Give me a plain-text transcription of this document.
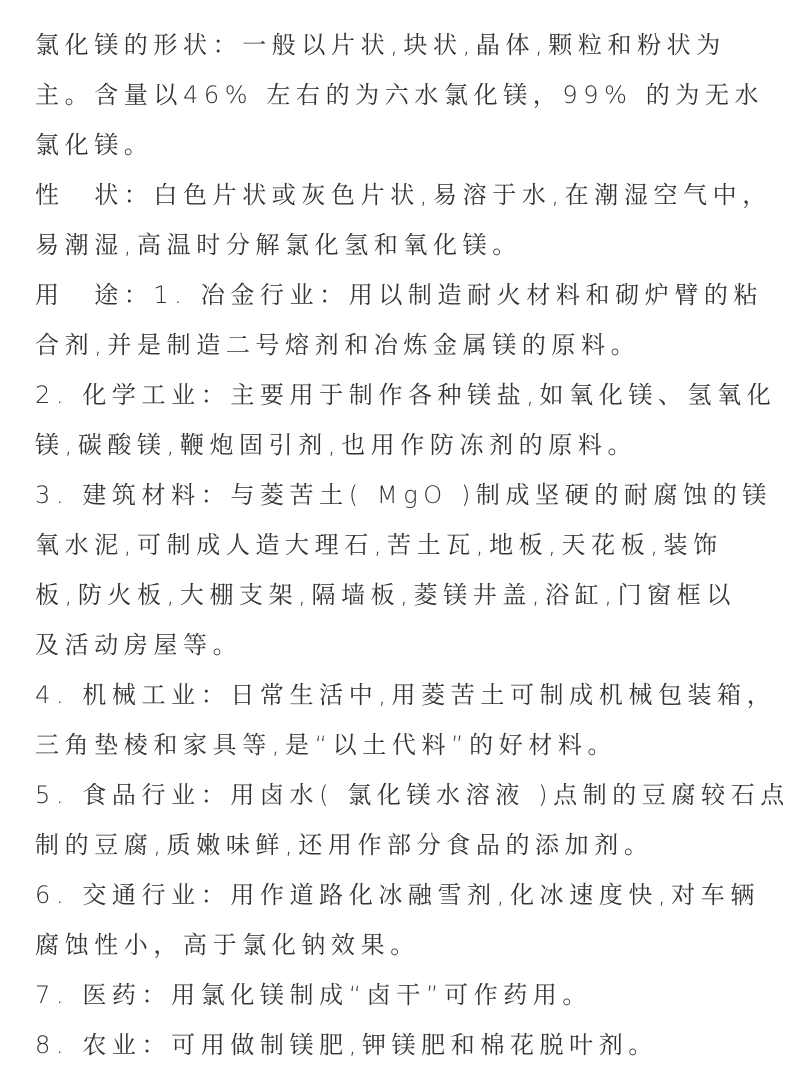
氯化镁的形状：一般以片状,块状,晶体,颗粒和粉状为
主。含量以46% 左右的为六水氯化镁，99% 的为无水
氯化镁。
性　状：白色片状或灰色片状,易溶于水,在潮湿空气中，
易潮湿,高温时分解氯化氢和氧化镁。
用　途：1. 冶金行业：用以制造耐火材料和砌炉臂的粘
合剂,并是制造二号熔剂和冶炼金属镁的原料。
2. 化学工业：主要用于制作各种镁盐,如氧化镁、氢氧化
镁,碳酸镁,鞭炮固引剂,也用作防冻剂的原料。
3. 建筑材料：与菱苦土( MgO )制成坚硬的耐腐蚀的镁
氧水泥,可制成人造大理石,苦土瓦,地板,天花板,装饰
板,防火板,大棚支架,隔墙板,菱镁井盖,浴缸,门窗框以
及活动房屋等。
4. 机械工业：日常生活中,用菱苦土可制成机械包装箱，
三角垫棱和家具等,是“以土代料”的好材料。
5. 食品行业：用卤水( 氯化镁水溶液 )点制的豆腐较石点
制的豆腐,质嫩味鲜,还用作部分食品的添加剂。
6. 交通行业：用作道路化冰融雪剂,化冰速度快,对车辆
腐蚀性小，高于氯化钠效果。
7. 医药：用氯化镁制成“卤干”可作药用。
8. 农业：可用做制镁肥,钾镁肥和棉花脱叶剂。
